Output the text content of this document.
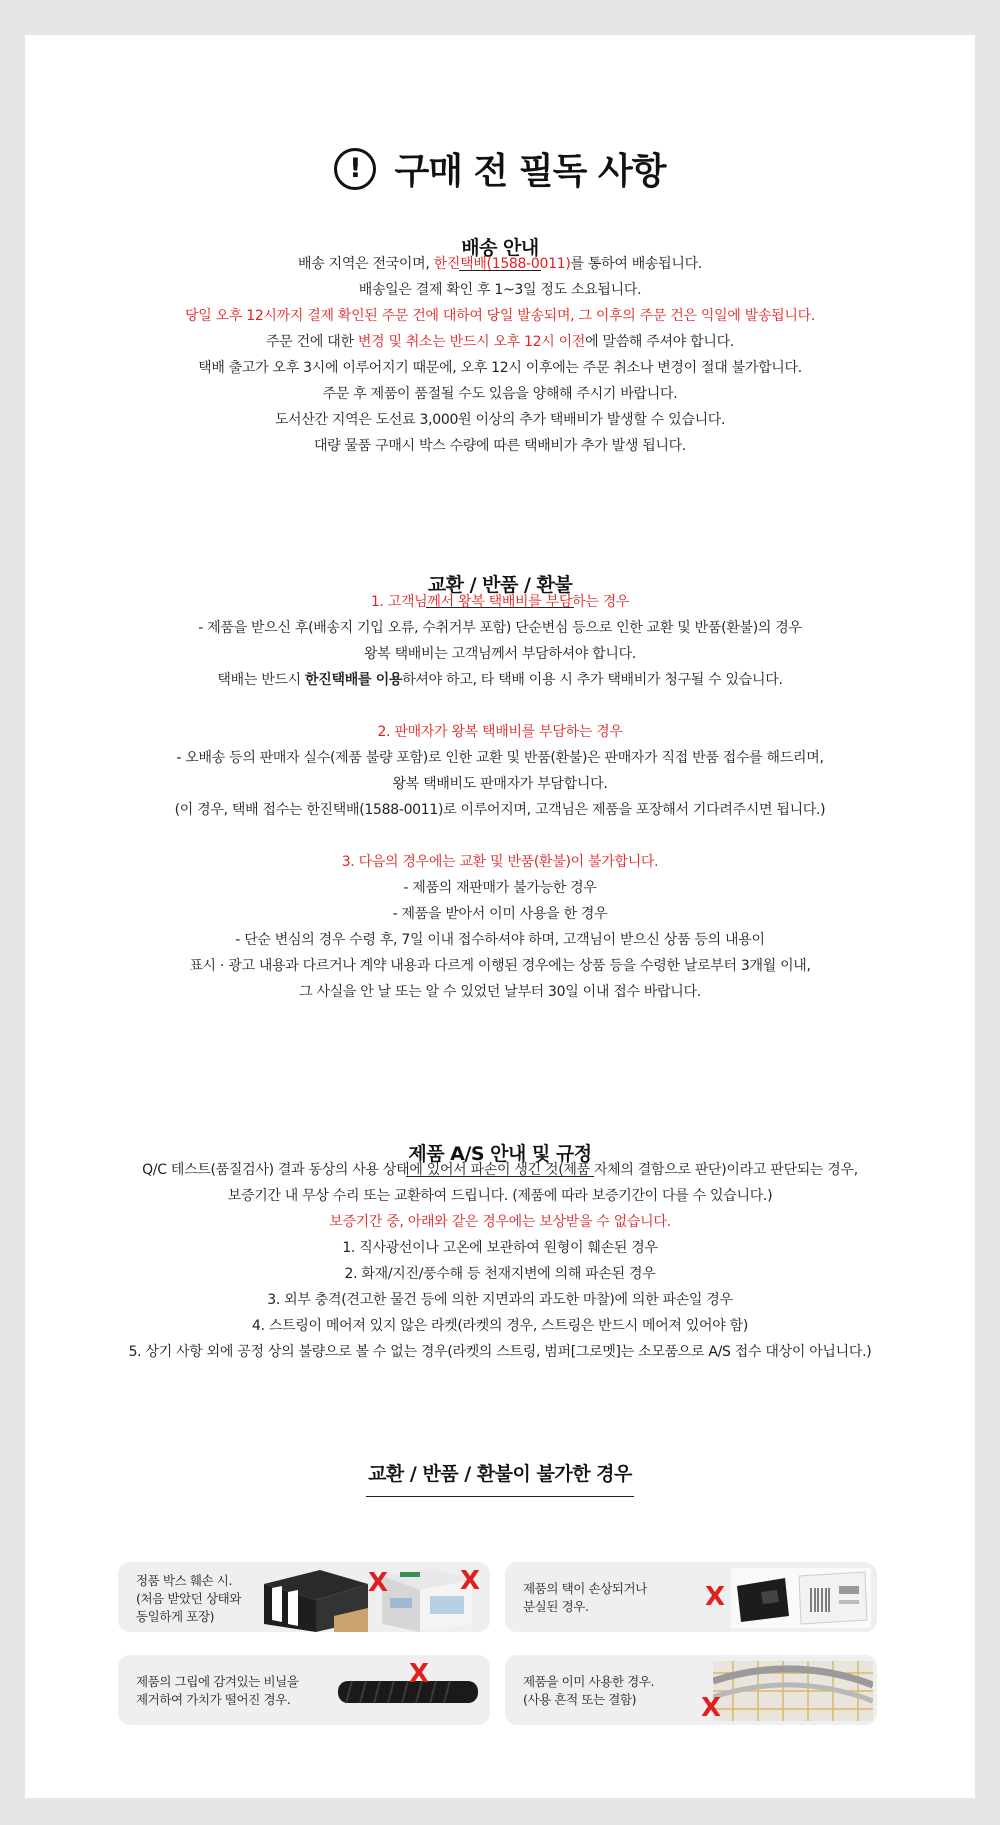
! 구매 전 필독 사항
배송 안내
배송 지역은 전국이며, 한진택배(1588-0011)를 통하여 배송됩니다.
배송일은 결제 확인 후 1~3일 정도 소요됩니다.
당일 오후 12시까지 결제 확인된 주문 건에 대하여 당일 발송되며, 그 이후의 주문 건은 익일에 발송됩니다.
주문 건에 대한 변경 및 취소는 반드시 오후 12시 이전에 말씀해 주셔야 합니다.
택배 출고가 오후 3시에 이루어지기 때문에, 오후 12시 이후에는 주문 취소나 변경이 절대 불가합니다.
주문 후 제품이 품절될 수도 있음을 양해해 주시기 바랍니다.
도서산간 지역은 도선료 3,000원 이상의 추가 택배비가 발생할 수 있습니다.
대량 물품 구매시 박스 수량에 따른 택배비가 추가 발생 됩니다.
교환 / 반품 / 환불
1. 고객님께서 왕복 택배비를 부담하는 경우
- 제품을 받으신 후(배송지 기입 오류, 수취거부 포함) 단순변심 등으로 인한 교환 및 반품(환불)의 경우
왕복 택배비는 고객님께서 부담하셔야 합니다.
택배는 반드시 한진택배를 이용하셔야 하고, 타 택배 이용 시 추가 택배비가 청구될 수 있습니다.
2. 판매자가 왕복 택배비를 부담하는 경우
- 오배송 등의 판매자 실수(제품 불량 포함)로 인한 교환 및 반품(환불)은 판매자가 직접 반품 접수를 해드리며,
왕복 택배비도 판매자가 부담합니다.
(이 경우, 택배 접수는 한진택배(1588-0011)로 이루어지며, 고객님은 제품을 포장해서 기다려주시면 됩니다.)
3. 다음의 경우에는 교환 및 반품(환불)이 불가합니다.
- 제품의 재판매가 불가능한 경우
- 제품을 받아서 이미 사용을 한 경우
- 단순 변심의 경우 수령 후, 7일 이내 접수하셔야 하며, 고객님이 받으신 상품 등의 내용이
표시 · 광고 내용과 다르거나 계약 내용과 다르게 이행된 경우에는 상품 등을 수령한 날로부터 3개월 이내,
그 사실을 안 날 또는 알 수 있었던 날부터 30일 이내 접수 바랍니다.
제품 A/S 안내 및 규정
Q/C 테스트(품질검사) 결과 동상의 사용 상태에 있어서 파손이 생긴 것(제품 자체의 결함으로 판단)이라고 판단되는 경우,
보증기간 내 무상 수리 또는 교환하여 드립니다. (제품에 따라 보증기간이 다를 수 있습니다.)
보증기간 중, 아래와 같은 경우에는 보상받을 수 없습니다.
1. 직사광선이나 고온에 보관하여 원형이 훼손된 경우
2. 화재/지진/풍수해 등 천재지변에 의해 파손된 경우
3. 외부 충격(견고한 물건 등에 의한 지면과의 과도한 마찰)에 의한 파손일 경우
4. 스트링이 메어져 있지 않은 라켓(라켓의 경우, 스트링은 반드시 메어져 있어야 함)
5. 상기 사항 외에 공정 상의 불량으로 볼 수 없는 경우(라켓의 스트링, 범퍼[그로멧]는 소모품으로 A/S 접수 대상이 아닙니다.)
교환 / 반품 / 환불이 불가한 경우
정품 박스 훼손 시.
(처음 받았던 상태와
동일하게 포장)
X	X	제품의 택이 손상되거나
분실된 경우.	X
제품의 그립에 감겨있는 비닐을
제거하여 가치가 떨어진 경우.
X	제품을 이미 사용한 경우.
(사용 흔적 또는 결함)	X
